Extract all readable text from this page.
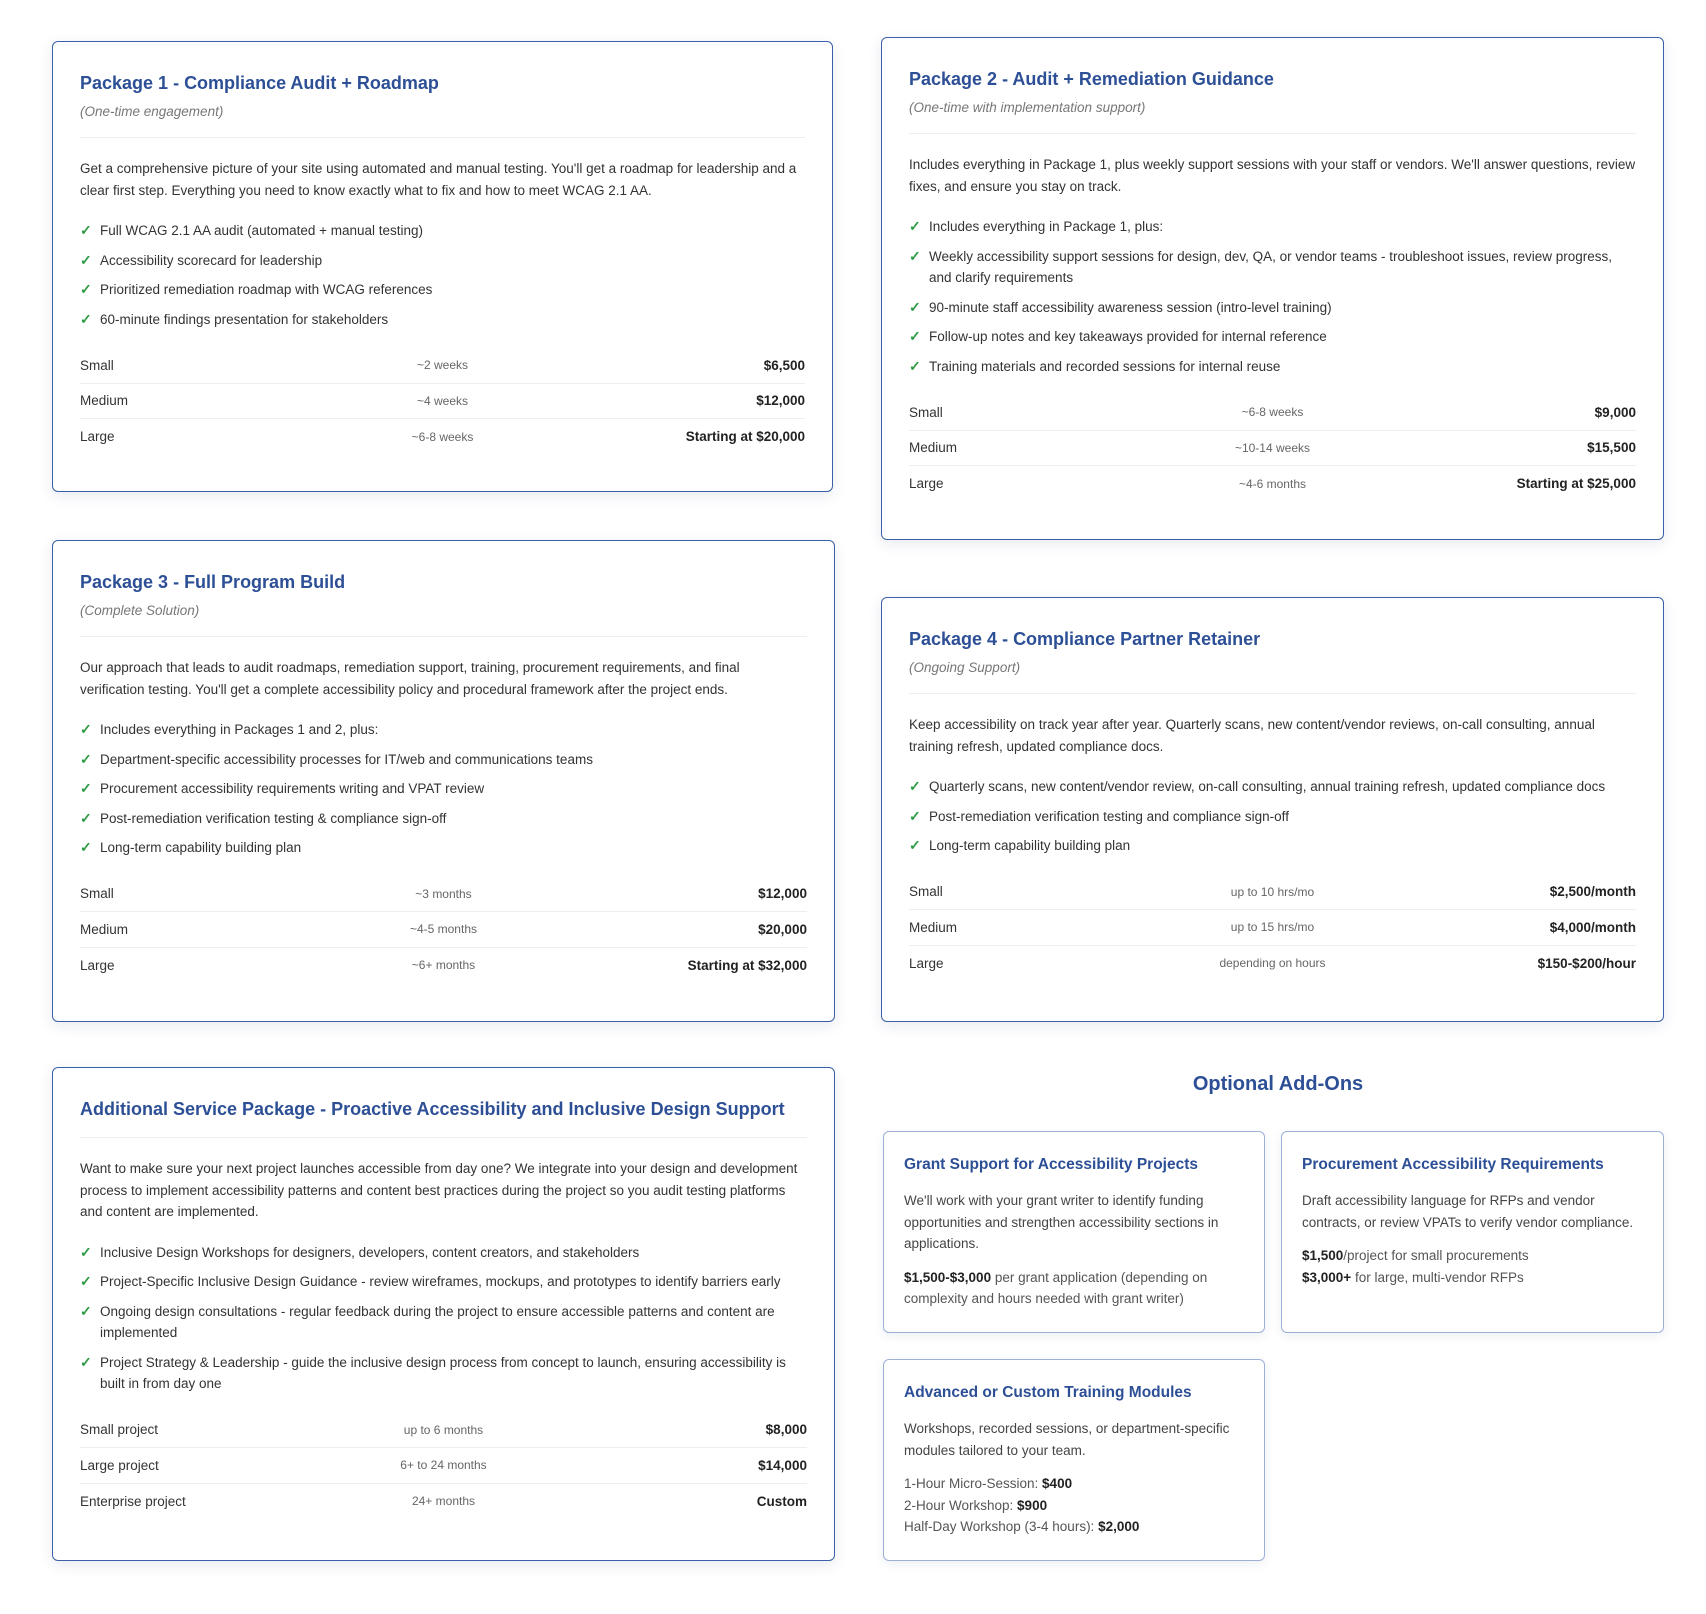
Package 1 - Compliance Audit + Roadmap
(One-time engagement)
Get a comprehensive picture of your site using automated and manual testing. You'll get a roadmap for leadership and a clear first step. Everything you need to know exactly what to fix and how to meet WCAG 2.1 AA.
✓ Full WCAG 2.1 AA audit (automated + manual testing)
✓ Accessibility scorecard for leadership
✓ Prioritized remediation roadmap with WCAG references
✓ 60-minute findings presentation for stakeholders
Small	~2 weeks	$6,500
Medium	~4 weeks	$12,000
Large	~6-8 weeks	Starting at $20,000
Package 2 - Audit + Remediation Guidance
(One-time with implementation support)
Includes everything in Package 1, plus weekly support sessions with your staff or vendors. We'll answer questions, review fixes, and ensure you stay on track.
✓ Includes everything in Package 1, plus:
✓ Weekly accessibility support sessions for design, dev, QA, or vendor teams - troubleshoot issues, review progress, and clarify requirements
✓ 90-minute staff accessibility awareness session (intro-level training)
✓ Follow-up notes and key takeaways provided for internal reference
✓ Training materials and recorded sessions for internal reuse
Small	~6-8 weeks	$9,000
Medium	~10-14 weeks	$15,500
Large	~4-6 months	Starting at $25,000
Package 3 - Full Program Build
(Complete Solution)
Our approach that leads to audit roadmaps, remediation support, training, procurement requirements, and final verification testing. You'll get a complete accessibility policy and procedural framework after the project ends.
✓ Includes everything in Packages 1 and 2, plus:
✓ Department-specific accessibility processes for IT/web and communications teams
✓ Procurement accessibility requirements writing and VPAT review
✓ Post-remediation verification testing & compliance sign-off
✓ Long-term capability building plan
Small	~3 months	$12,000
Medium	~4-5 months	$20,000
Large	~6+ months	Starting at $32,000
Package 4 - Compliance Partner Retainer
(Ongoing Support)
Keep accessibility on track year after year. Quarterly scans, new content/vendor reviews, on-call consulting, annual training refresh, updated compliance docs.
✓ Quarterly scans, new content/vendor review, on-call consulting, annual training refresh, updated compliance docs
✓ Post-remediation verification testing and compliance sign-off
✓ Long-term capability building plan
Small	up to 10 hrs/mo	$2,500/month
Medium	up to 15 hrs/mo	$4,000/month
Large	depending on hours	$150-$200/hour
Additional Service Package - Proactive Accessibility and Inclusive Design Support
Want to make sure your next project launches accessible from day one? We integrate into your design and development process to implement accessibility patterns and content best practices during the project so you audit testing platforms and content are implemented.
✓ Inclusive Design Workshops for designers, developers, content creators, and stakeholders
✓ Project-Specific Inclusive Design Guidance - review wireframes, mockups, and prototypes to identify barriers early
✓ Ongoing design consultations - regular feedback during the project to ensure accessible patterns and content are implemented
✓ Project Strategy & Leadership - guide the inclusive design process from concept to launch, ensuring accessibility is built in from day one
Small project	up to 6 months	$8,000
Large project	6+ to 24 months	$14,000
Enterprise project	24+ months	Custom
Optional Add-Ons
Grant Support for Accessibility Projects
We'll work with your grant writer to identify funding opportunities and strengthen accessibility sections in applications.
$1,500-$3,000 per grant application (depending on complexity and hours needed with grant writer)
Procurement Accessibility Requirements
Draft accessibility language for RFPs and vendor contracts, or review VPATs to verify vendor compliance.
$1,500/project for small procurements
$3,000+ for large, multi-vendor RFPs
Advanced or Custom Training Modules
Workshops, recorded sessions, or department-specific modules tailored to your team.
1-Hour Micro-Session: $400
2-Hour Workshop: $900
Half-Day Workshop (3-4 hours): $2,000
